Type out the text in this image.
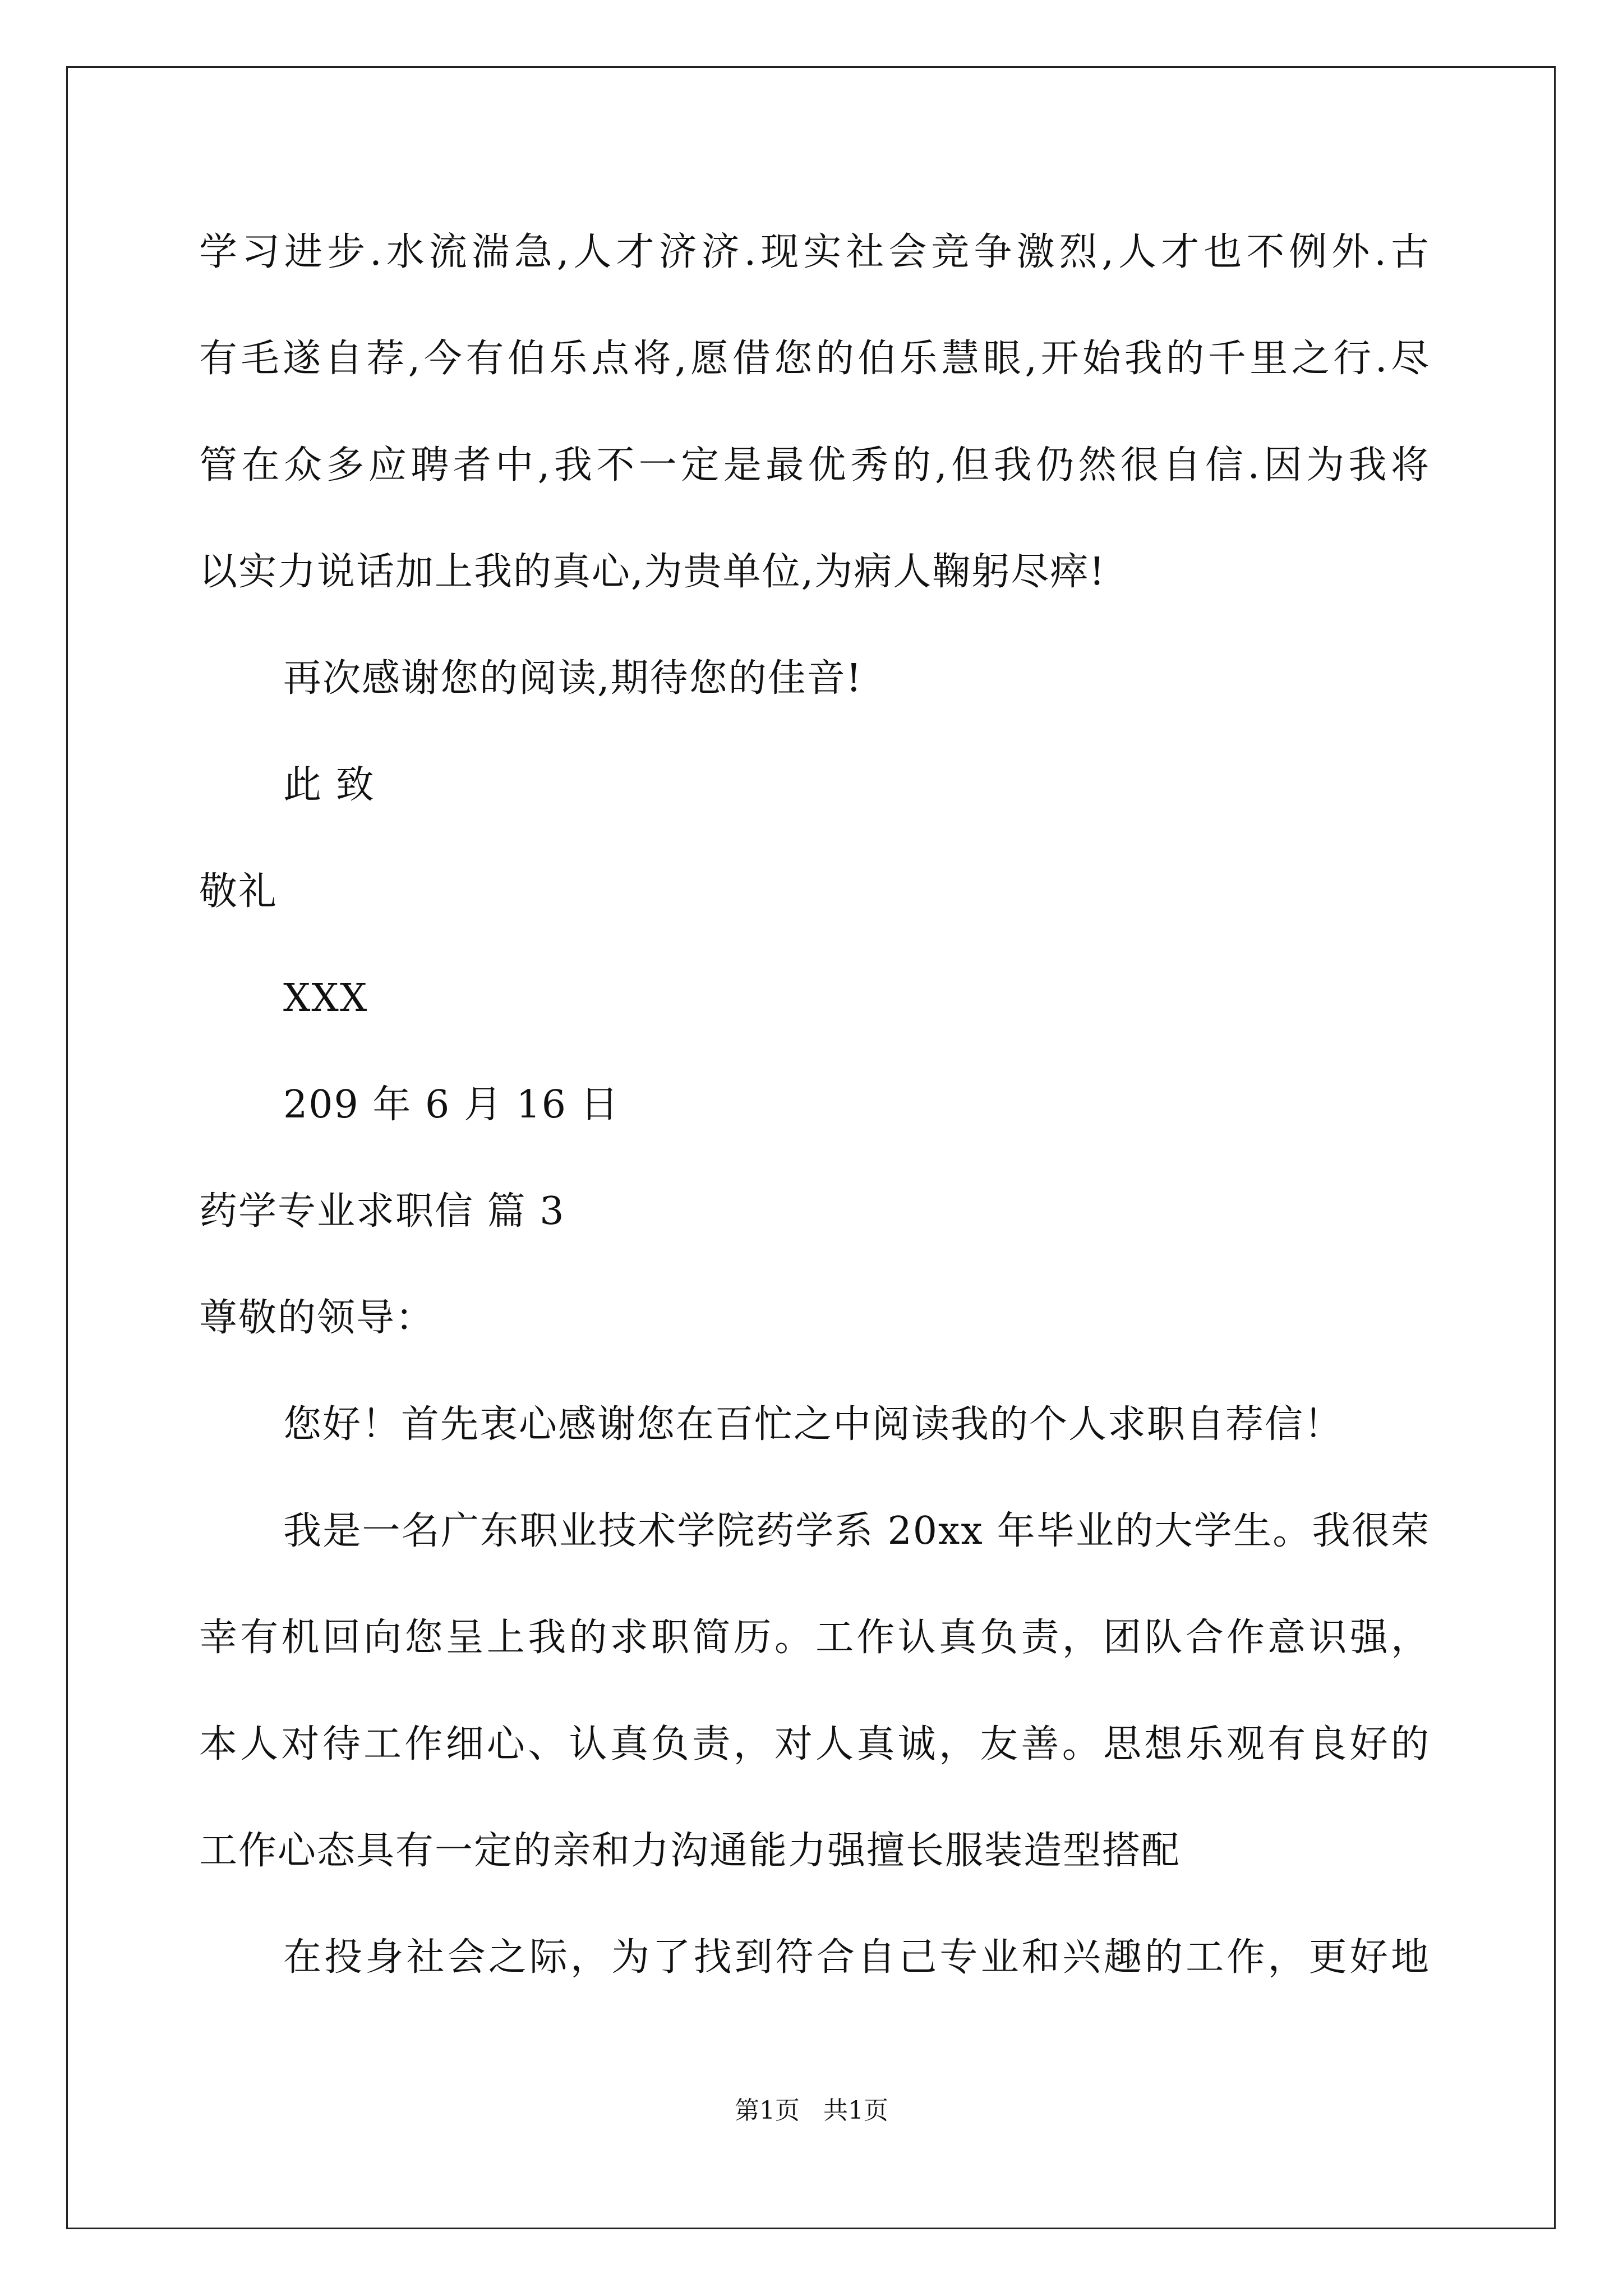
学习进步.水流湍急,人才济济.现实社会竞争激烈,人才也不例外.古
有毛遂自荐,今有伯乐点将,愿借您的伯乐慧眼,开始我的千里之行.尽
管在众多应聘者中,我不一定是最优秀的,但我仍然很自信.因为我将
以实力说话加上我的真心,为贵单位,为病人鞠躬尽瘁!
再次感谢您的阅读,期待您的佳音!
此 致
敬礼
XXX
209 年 6 月 16 日
药学专业求职信 篇 3
尊敬的领导：
您好！首先衷心感谢您在百忙之中阅读我的个人求职自荐信！
我是一名广东职业技术学院药学系 20xx 年毕业的大学生。我很荣
幸有机回向您呈上我的求职简历。工作认真负责，团队合作意识强，
本人对待工作细心、认真负责，对人真诚，友善。思想乐观有良好的
工作心态具有一定的亲和力沟通能力强擅长服装造型搭配
在投身社会之际，为了找到符合自己专业和兴趣的工作，更好地
第1页   共1页
